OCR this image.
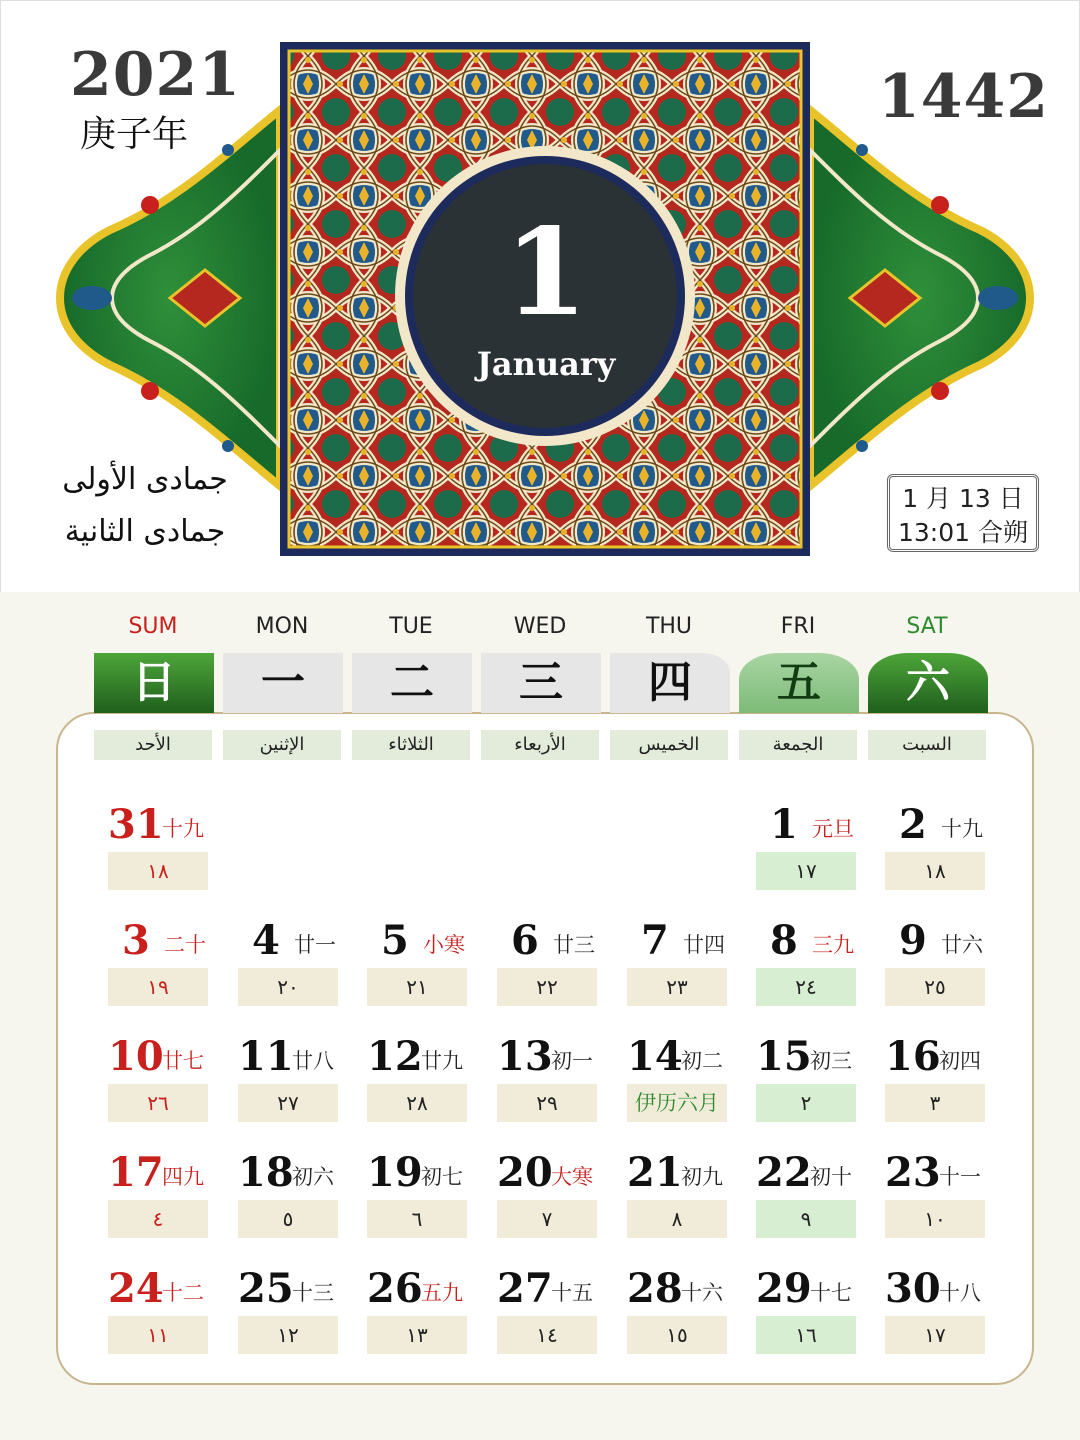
1
January
2021
庚子年
1442
جمادى الأولى
جمادى الثانية
1 月 13 日
13:01 合朔
SUM
日
الأحد
MON
一
الإثنين
TUE
二
الثلاثاء
WED
三
الأربعاء
THU
四
الخميس
FRI
五
الجمعة
SAT
六
السبت
31
十九
١٨
1 元旦
١٧
2 十九
١٨
3 二十
١٩
4 廿一
٢٠
5 小寒
٢١
6 廿三
٢٢
7 廿四
٢٣
8 三九
٢٤
9 廿六
٢٥
10
廿七
٢٦
11
廿八
٢٧
12
廿九
٢٨
13
初一
٢٩
14
初二
伊历六月
15
初三
٢
16
初四
٣
17
四九
٤
18
初六
٥
19
初七
٦
20
大寒
٧
21
初九
٨
22
初十
٩
23
十一
١٠
24
十二
١١
25
十三
١٢
26
五九
١٣
27
十五
١٤
28
十六
١٥
29
十七
١٦
30
十八
١٧
